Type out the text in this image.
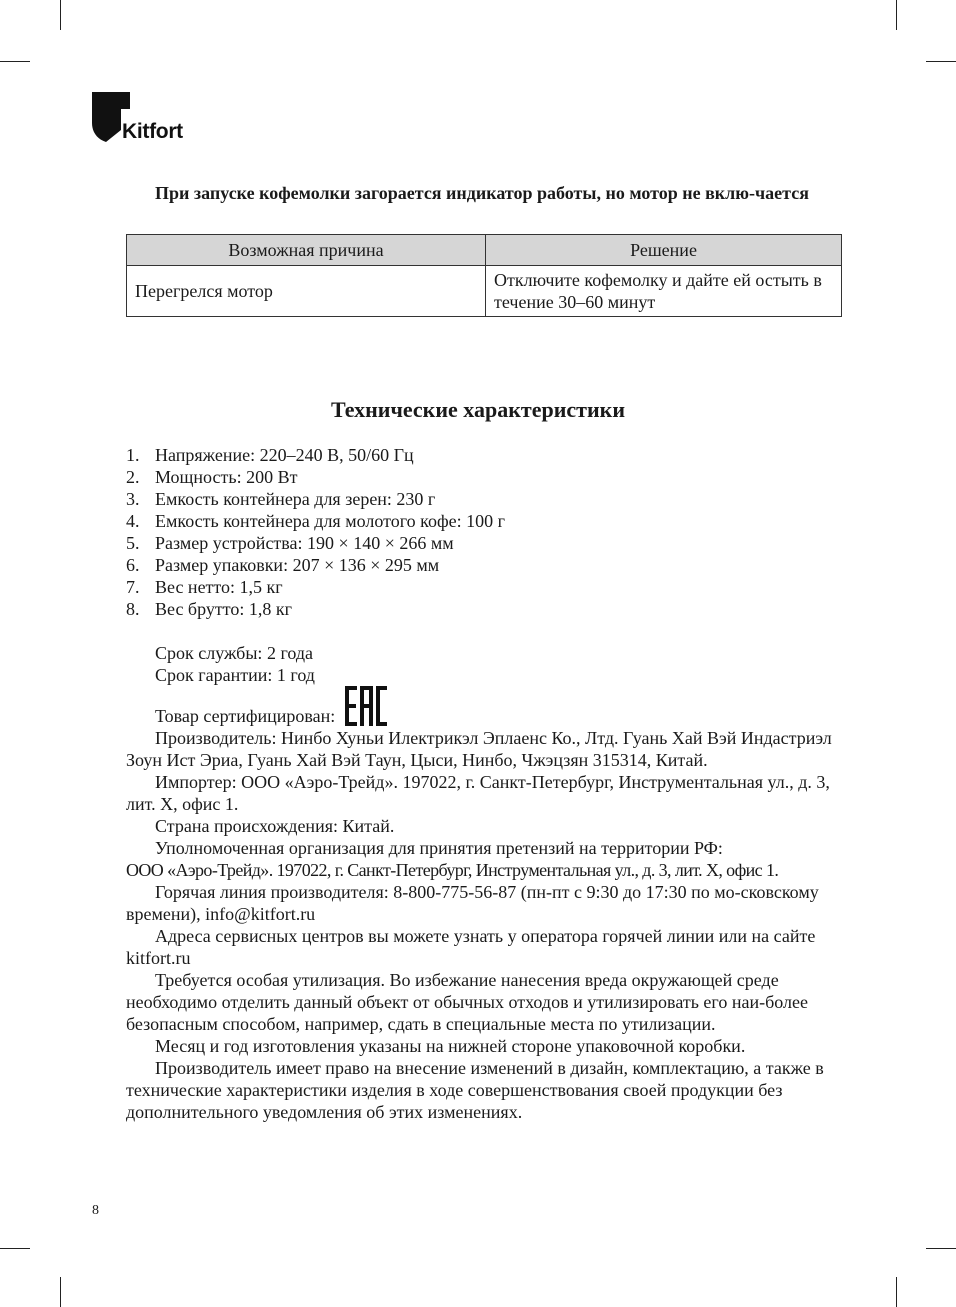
Kitfort

При запуске кофемолки загорается индикатор работы, но мотор не вклю-чается

Возможная причина	Решение
Перегрелся мотор	Отключите кофемолку и дайте ей остыть в течение 30–60 минут
Технические характеристики
1. Напряжение: 220–240 В, 50/60 Гц
2. Мощность: 200 Вт
3. Емкость контейнера для зерен: 230 г
4. Емкость контейнера для молотого кофе: 100 г
5. Размер устройства: 190 × 140 × 266 мм
6. Размер упаковки: 207 × 136 × 295 мм
7. Вес нетто: 1,5 кг
8. Вес брутто: 1,8 кг

Срок службы: 2 года

Срок гарантии: 1 год

Товар сертифицирован:

Производитель: Нинбо Хуньи Илектрикэл Эплаенс Ко., Лтд. Гуань Хай Вэй Индастриэл Зоун Ист Эриа, Гуань Хай Вэй Таун, Цыси, Нинбо, Чжэцзян 315314, Китай.

Импортер: ООО «Аэро-Трейд». 197022, г. Санкт-Петербург, Инструментальная ул., д. 3, лит. Х, офис 1.

Страна происхождения: Китай.

Уполномоченная организация для принятия претензий на территории РФ:

ООО «Аэро-Трейд». 197022, г. Санкт-Петербург, Инструментальная ул., д. 3, лит. Х, офис 1.

Горячая линия производителя: 8-800-775-56-87 (пн-пт с 9:30 до 17:30 по мо-сковскому времени), info@kitfort.ru

Адреса сервисных центров вы можете узнать у оператора горячей линии или на сайте kitfort.ru

Требуется особая утилизация. Во избежание нанесения вреда окружающей среде необходимо отделить данный объект от обычных отходов и утилизировать его наи-более безопасным способом, например, сдать в специальные места по утилизации.

Месяц и год изготовления указаны на нижней стороне упаковочной коробки.

Производитель имеет право на внесение изменений в дизайн, комплектацию, а также в технические характеристики изделия в ходе совершенствования своей продукции без дополнительного уведомления об этих изменениях.

8
